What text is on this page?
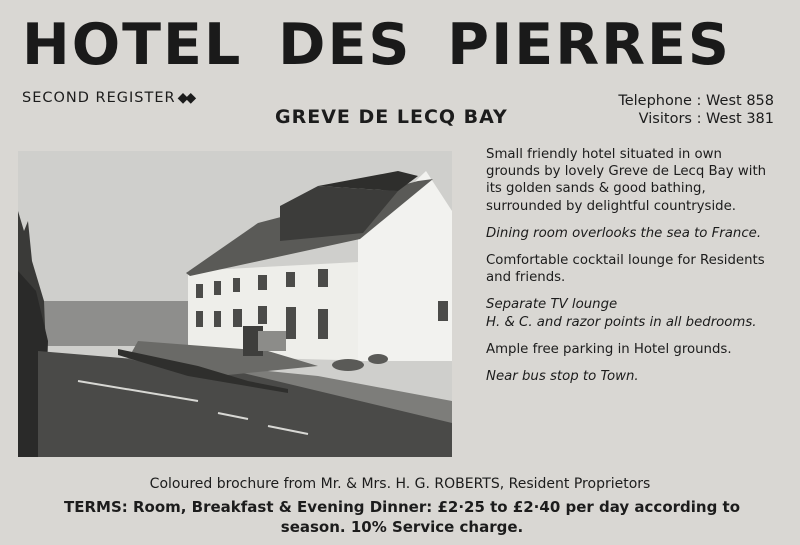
HOTEL DES PIERRES
SECOND REGISTER ◆◆
GREVE DE LECQ BAY
Telephone : West 858
Visitors : West 381

Small friendly hotel situated in own grounds by lovely Greve de Lecq Bay with its golden sands & good bathing, surrounded by delightful countryside.

Dining room overlooks the sea to France.

Comfortable cocktail lounge for Residents and friends.

Separate TV lounge
H. & C. and razor points in all bedrooms.

Ample free parking in Hotel grounds.

Near bus stop to Town.

Coloured brochure from Mr. & Mrs. H. G. ROBERTS, Resident Proprietors
TERMS: Room, Breakfast & Evening Dinner: £2·25 to £2·40 per day according to
season. 10% Service charge.
